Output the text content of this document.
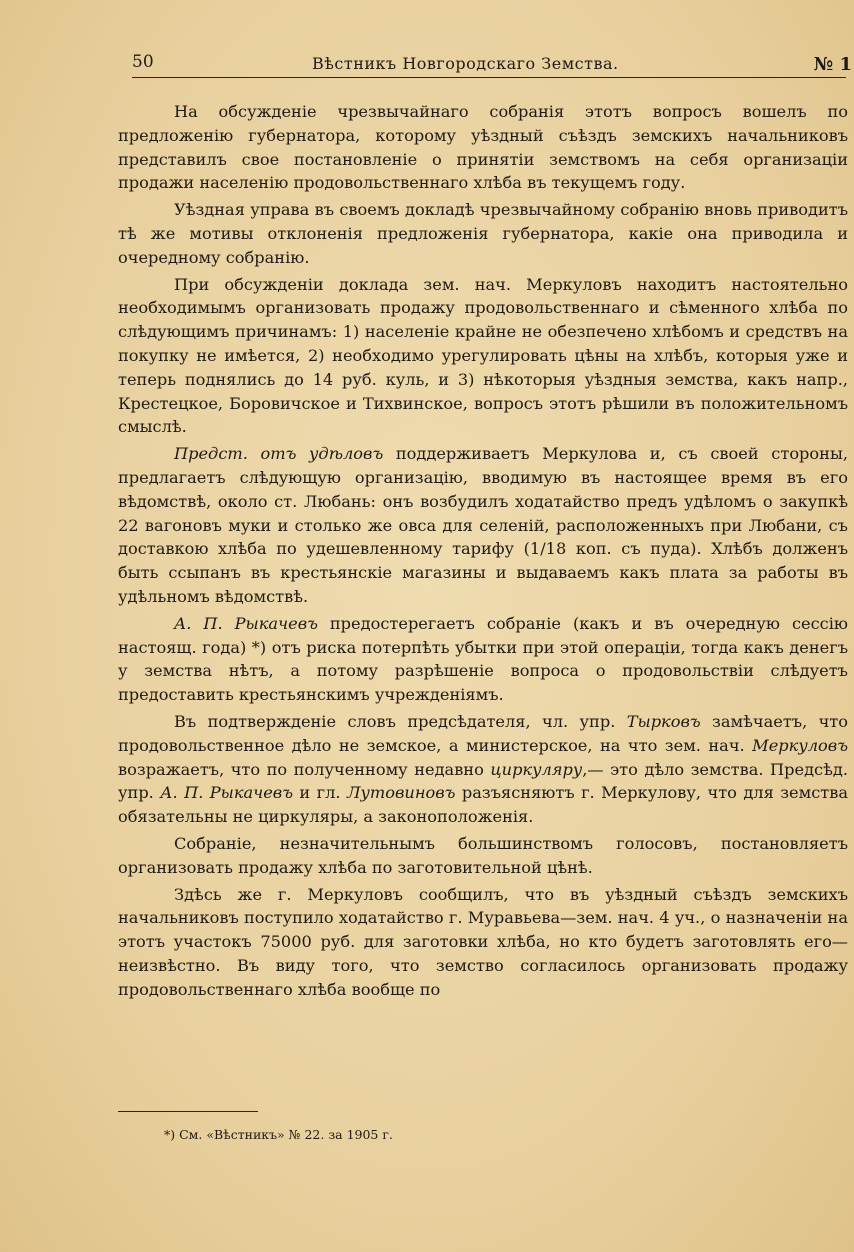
50	Вѣстникъ Новгородскаго Земства.	№ 1

На обсужденіе чрезвычайнаго собранія этотъ вопросъ вошелъ по предложенію губернатора, которому уѣздный съѣздъ земскихъ начальниковъ представилъ свое постановленіе о принятіи земствомъ на себя организаціи продажи населенію продовольственнаго хлѣба въ текущемъ году.

Уѣздная управа въ своемъ докладѣ чрезвычайному собранію вновь приводитъ тѣ же мотивы отклоненія предложенія губернатора, какіе она приводила и очередному собранію.

При обсужденіи доклада зем. нач. Меркуловъ находитъ настоятельно необходимымъ организовать продажу продовольственнаго и сѣменного хлѣба по слѣдующимъ причинамъ: 1) населеніе крайне не обезпечено хлѣбомъ и средствъ на покупку не имѣется, 2) необходимо урегулировать цѣны на хлѣбъ, которыя уже и теперь поднялись до 14 руб. куль, и 3) нѣкоторыя уѣздныя земства, какъ напр., Крестецкое, Боровичское и Тихвинское, вопросъ этотъ рѣшили въ положительномъ смыслѣ.

Предст. отъ удѣловъ поддерживаетъ Меркулова и, съ своей стороны, предлагаетъ слѣдующую организацію, вводимую въ настоящее время въ его вѣдомствѣ, около ст. Любань: онъ возбудилъ ходатайство предъ удѣломъ о закупкѣ 22 вагоновъ муки и столько же овса для селеній, расположенныхъ при Любани, съ доставкою хлѣба по удешевленному тарифу (1/18 коп. съ пуда). Хлѣбъ долженъ быть ссыпанъ въ крестьянскіе магазины и выдаваемъ какъ плата за работы въ удѣльномъ вѣдомствѣ.

А. П. Рыкачевъ предостерегаетъ собраніе (какъ и въ очередную сессію настоящ. года) *) отъ риска потерпѣть убытки при этой операціи, тогда какъ денегъ у земства нѣтъ, а потому разрѣшеніе вопроса о продовольствіи слѣдуетъ предоставить крестьянскимъ учрежденіямъ.

Въ подтвержденіе словъ предсѣдателя, чл. упр. Тырковъ замѣчаетъ, что продовольственное дѣло не земское, а министерское, на что зем. нач. Меркуловъ возражаетъ, что по полученному недавно циркуляру,— это дѣло земства. Предсѣд. упр. А. П. Рыкачевъ и гл. Лутовиновъ разъясняютъ г. Меркулову, что для земства обязательны не циркуляры, а законоположенія.

Собраніе, незначительнымъ большинствомъ голосовъ, постановляетъ организовать продажу хлѣба по заготовительной цѣнѣ.

Здѣсь же г. Меркуловъ сообщилъ, что въ уѣздный съѣздъ земскихъ начальниковъ поступило ходатайство г. Муравьева—зем. нач. 4 уч., о назначеніи на этотъ участокъ 75000 руб. для заготовки хлѣба, но кто будетъ заготовлять его—неизвѣстно. Въ виду того, что земство согласилось организовать продажу продовольственнаго хлѣба вообще по

*) См. «Вѣстникъ» № 22. за 1905 г.
